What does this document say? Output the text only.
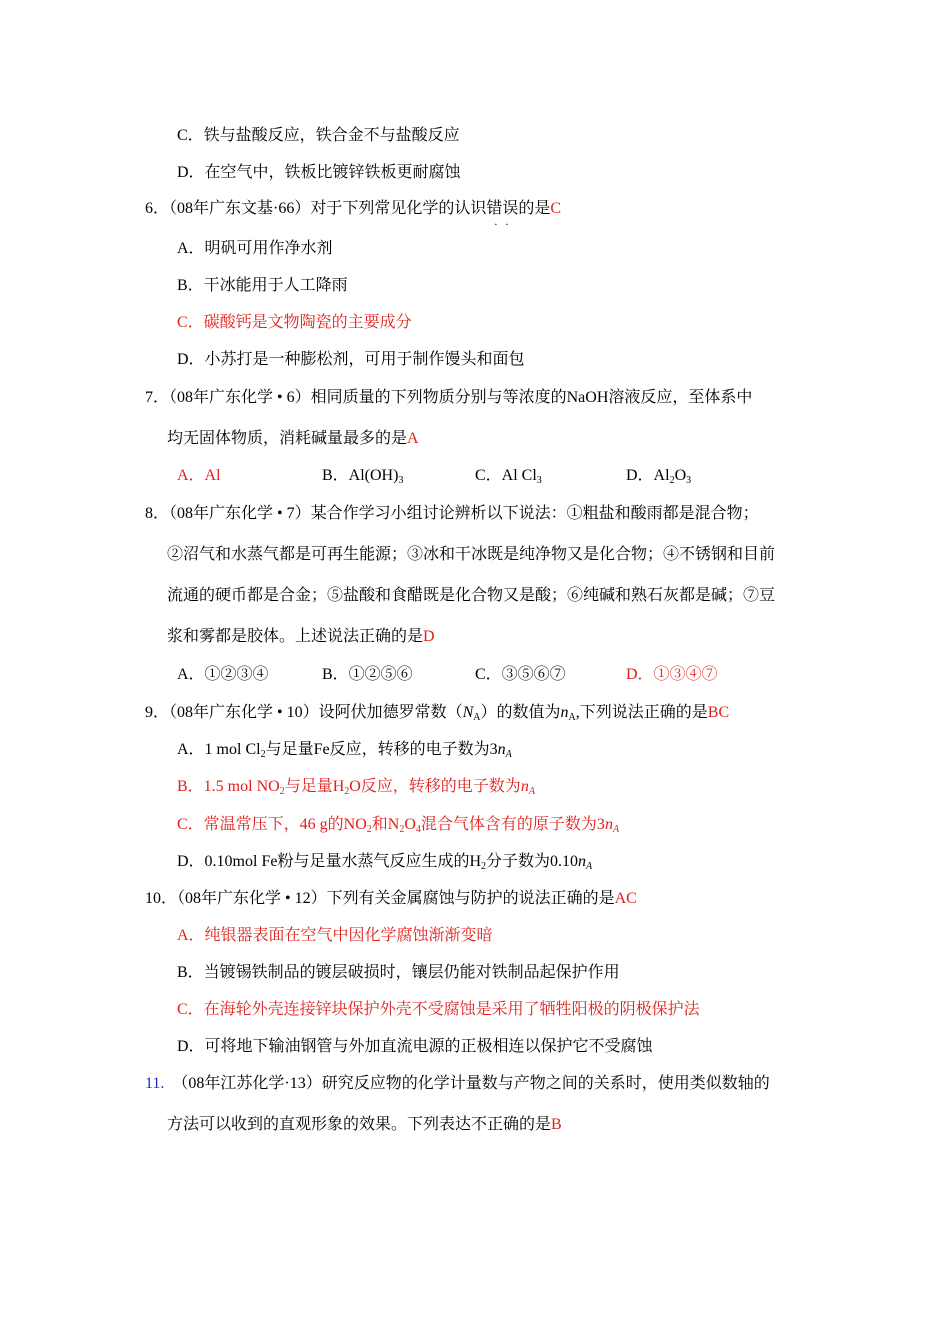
C．铁与盐酸反应，铁合金不与盐酸反应
D．在空气中，铁板比镀锌铁板更耐腐蚀
6．（08年广东文基·66）对于下列常见化学的认识错误 · ·的是C
A．明矾可用作净水剂
B．干冰能用于人工降雨
C．碳酸钙是文物陶瓷的主要成分
D．小苏打是一种膨松剂，可用于制作馒头和面包
7．（08年广东化学 • 6）相同质量的下列物质分别与等浓度的NaOH溶液反应，至体系中
均无固体物质，消耗碱量最多的是A
A．Al	B．$Al(OH)_3$	C．Al $Cl_3$	D．$Al_2O_3$
8．（08年广东化学 • 7）某合作学习小组讨论辨析以下说法：①粗盐和酸雨都是混合物；
②沼气和水蒸气都是可再生能源；③冰和干冰既是纯净物又是化合物；④不锈钢和目前
流通的硬币都是合金；⑤盐酸和食醋既是化合物又是酸；⑥纯碱和熟石灰都是碱；⑦豆
浆和雾都是胶体。上述说法正确的是D
A．①②③④	B．①②⑤⑥	C．③⑤⑥⑦	D．①③④⑦
9．（08年广东化学 • 10）设阿伏加德罗常数$(N_A)$的数值为$n_A$,下列说法正确的是BC
A．1 mol $Cl_2$与足量Fe反应，转移的电子数为$3n_A$
B．1.5 mol $NO_2$与足量$H_2O$反应，转移的电子数为$n_A$
C．常温常压下，46 g的$NO_2$和$N_2O_4$混合气体含有的原子数为$3n_A$
D．0.10mol Fe粉与足量水蒸气反应生成的$H_2$分子数为$0.10n_A$
10．（08年广东化学 • 12）下列有关金属腐蚀与防护的说法正确的是AC
A．纯银器表面在空气中因化学腐蚀渐渐变暗
B．当镀锡铁制品的镀层破损时，镶层仍能对铁制品起保护作用
C．在海轮外壳连接锌块保护外壳不受腐蚀是采用了牺牲阳极的阴极保护法
D．可将地下输油钢管与外加直流电源的正极相连以保护它不受腐蚀
11. （08年江苏化学·13）研究反应物的化学计量数与产物之间的关系时，使用类似数轴的
方法可以收到的直观形象的效果。下列表达不正确的是B
